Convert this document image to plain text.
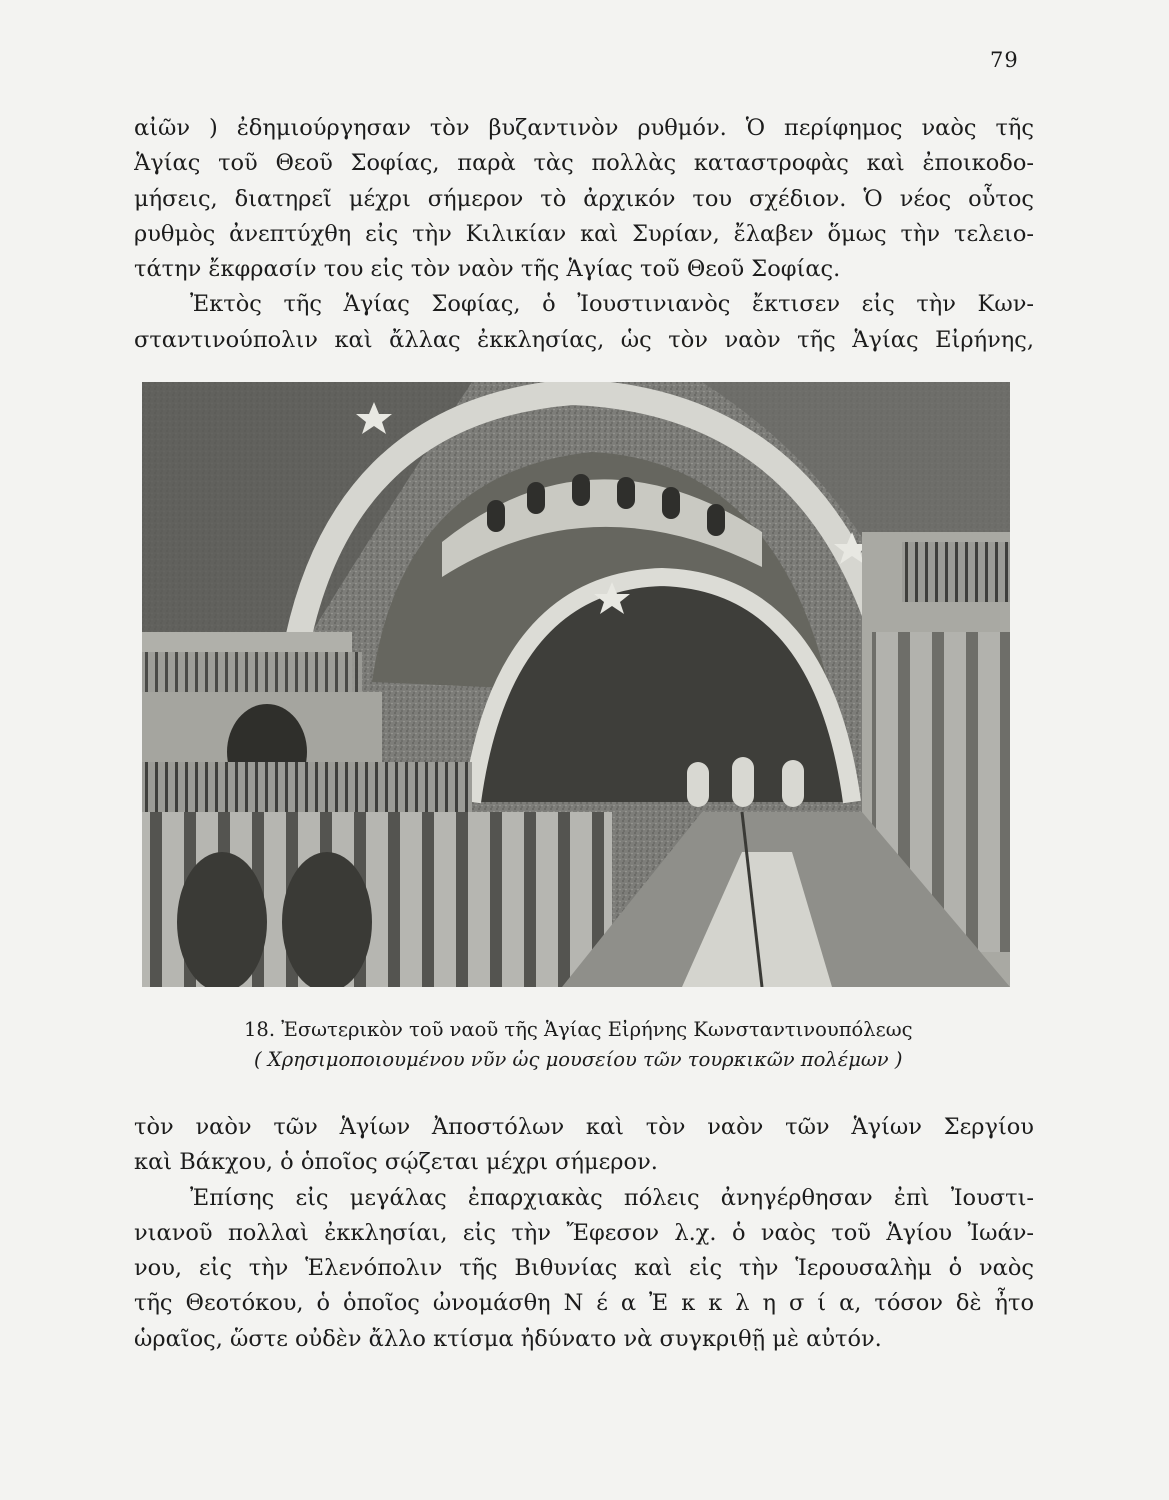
79
αἰῶν ) ἐδημιούργησαν τὸν βυζαντινὸν ρυθμόν. Ὁ περίφημος ναὸς τῆς
Ἁγίας τοῦ Θεοῦ Σοφίας, παρὰ τὰς πολλὰς καταστροφὰς καὶ ἐποικοδο-
μήσεις, διατηρεῖ μέχρι σήμερον τὸ ἀρχικόν του σχέδιον. Ὁ νέος οὗτος
ρυθμὸς ἀνεπτύχθη εἰς τὴν Κιλικίαν καὶ Συρίαν, ἔλαβεν ὅμως τὴν τελειο-
τάτην ἔκφρασίν του εἰς τὸν ναὸν τῆς Ἁγίας τοῦ Θεοῦ Σοφίας.
Ἐκτὸς τῆς Ἁγίας Σοφίας, ὁ Ἰουστινιανὸς ἔκτισεν εἰς τὴν Κων-
σταντινούπολιν καὶ ἄλλας ἐκκλησίας, ὡς τὸν ναὸν τῆς Ἁγίας Εἰρήνης,
18. Ἐσωτερικὸν τοῦ ναοῦ τῆς Ἁγίας Εἰρήνης Κωνσταντινουπόλεως
( Χρησιμοποιουμένου νῦν ὡς μουσείου τῶν τουρκικῶν πολέμων )
τὸν ναὸν τῶν Ἁγίων Ἀποστόλων καὶ τὸν ναὸν τῶν Ἁγίων Σεργίου
καὶ Βάκχου, ὁ ὁποῖος σῴζεται μέχρι σήμερον.
Ἐπίσης εἰς μεγάλας ἐπαρχιακὰς πόλεις ἀνηγέρθησαν ἐπὶ Ἰουστι-
νιανοῦ πολλαὶ ἐκκλησίαι, εἰς τὴν Ἔφεσον λ.χ. ὁ ναὸς τοῦ Ἁγίου Ἰωάν-
νου, εἰς τὴν Ἑλενόπολιν τῆς Βιθυνίας καὶ εἰς τὴν Ἱερουσαλὴμ ὁ ναὸς
τῆς Θεοτόκου, ὁ ὁποῖος ὠνομάσθη Ν έ α Ἐ κ κ λ η σ ί α, τόσον δὲ ἦτο
ὡραῖος, ὥστε οὐδὲν ἄλλο κτίσμα ἠδύνατο νὰ συγκριθῇ μὲ αὐτόν.
